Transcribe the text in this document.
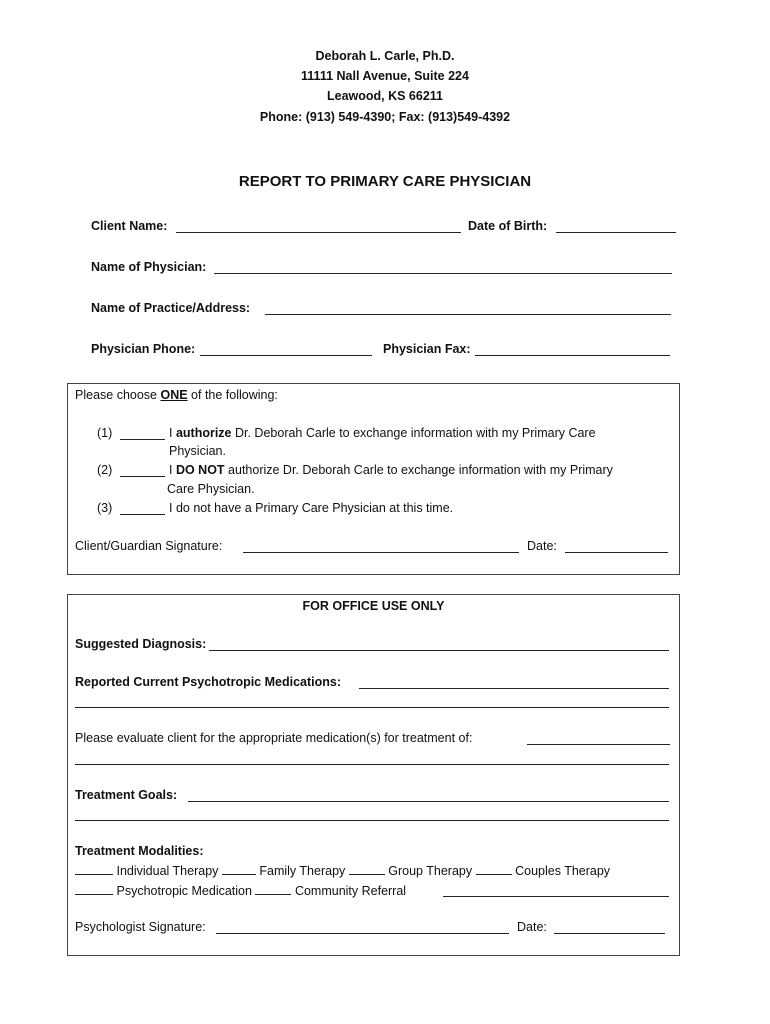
Deborah L. Carle, Ph.D.
11111 Nall Avenue, Suite 224
Leawood, KS 66211
Phone: (913) 549-4390; Fax: (913)549-4392
REPORT TO PRIMARY CARE PHYSICIAN
Client Name:	Date of Birth:
Name of Physician:
Name of Practice/Address:
Physician Phone:	Physician Fax:
Please choose ONE of the following:
(1)	I authorize Dr. Deborah Carle to exchange information with my Primary Care
Physician.
(2)	I DO NOT authorize Dr. Deborah Carle to exchange information with my Primary
Care Physician.
(3)	I do not have a Primary Care Physician at this time.
Client/Guardian Signature:	Date:
FOR OFFICE USE ONLY
Suggested Diagnosis:
Reported Current Psychotropic Medications:
Please evaluate client for the appropriate medication(s) for treatment of:
Treatment Goals:
Treatment Modalities:
Individual Therapy	Family Therapy	Group Therapy	Couples Therapy
Psychotropic Medication	Community Referral
Psychologist Signature:	Date:
